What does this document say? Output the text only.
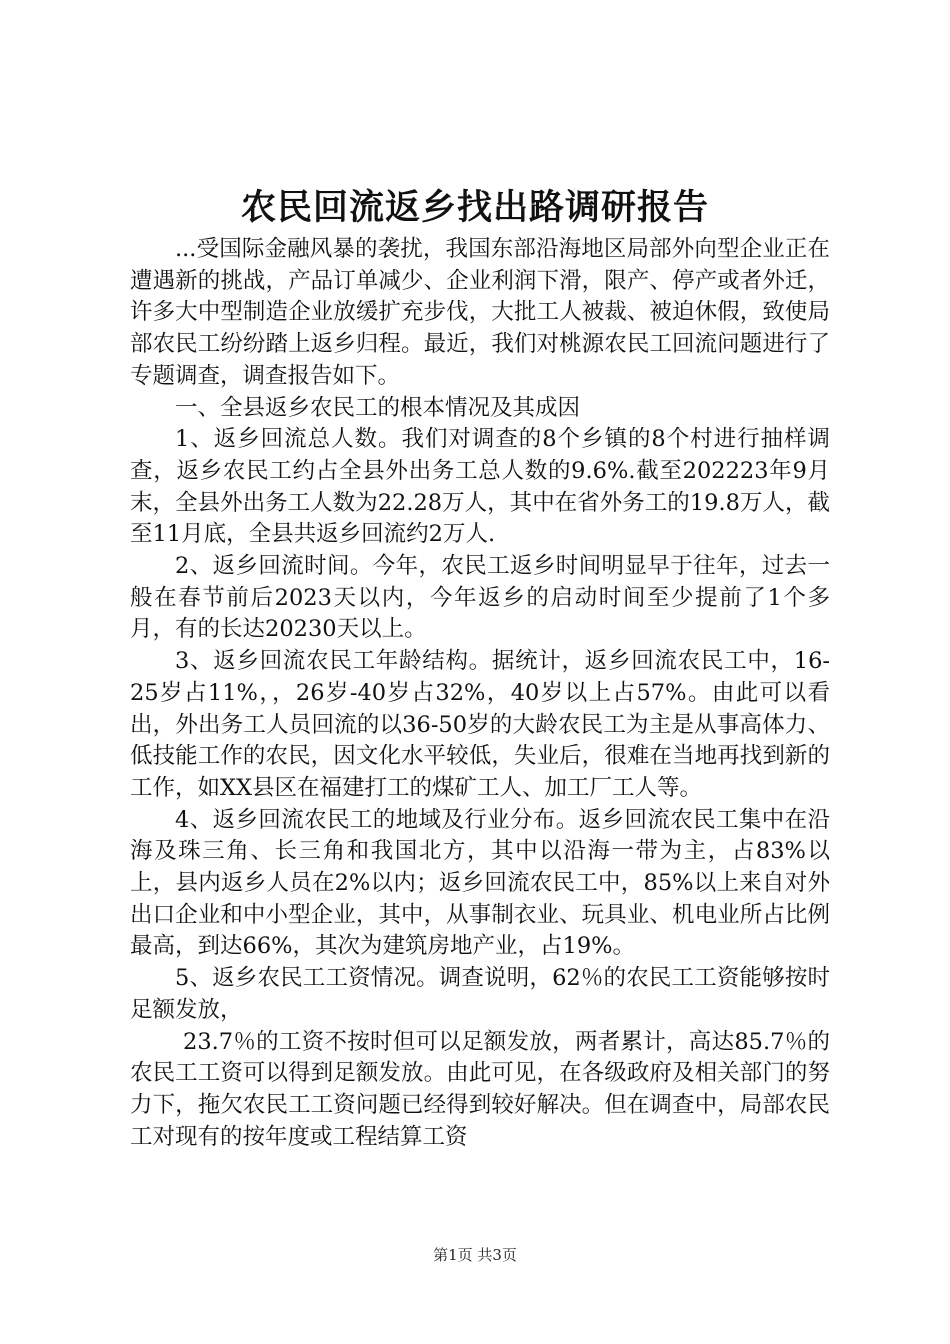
农民回流返乡找出路调研报告

...受国际金融风暴的袭扰，我国东部沿海地区局部外向型企业正在遭遇新的挑战，产品订单减少、企业利润下滑，限产、停产或者外迁，许多大中型制造企业放缓扩充步伐，大批工人被裁、被迫休假，致使局部农民工纷纷踏上返乡归程。最近，我们对桃源农民工回流问题进行了专题调查，调查报告如下。

一、全县返乡农民工的根本情况及其成因

1、返乡回流总人数。我们对调查的8个乡镇的8个村进行抽样调查，返乡农民工约占全县外出务工总人数的9.6%.截至202223年9月末，全县外出务工人数为22.28万人，其中在省外务工的19.8万人，截至11月底，全县共返乡回流约2万人.

2、返乡回流时间。今年，农民工返乡时间明显早于往年，过去一般在春节前后2023天以内，今年返乡的启动时间至少提前了1个多月，有的长达20230天以上。

3、返乡回流农民工年龄结构。据统计，返乡回流农民工中，16-25岁占11%，，26岁-40岁占32%，40岁以上占57%。由此可以看出，外出务工人员回流的以36-50岁的大龄农民工为主是从事高体力、低技能工作的农民，因文化水平较低，失业后，很难在当地再找到新的工作，如XX县区在福建打工的煤矿工人、加工厂工人等。

4、返乡回流农民工的地域及行业分布。返乡回流农民工集中在沿海及珠三角、长三角和我国北方，其中以沿海一带为主，占83%以上，县内返乡人员在2%以内；返乡回流农民工中，85%以上来自对外出口企业和中小型企业，其中，从事制衣业、玩具业、机电业所占比例最高，到达66%，其次为建筑房地产业，占19%。

5、返乡农民工工资情况。调查说明，62％的农民工工资能够按时足额发放，

23.7％的工资不按时但可以足额发放，两者累计，高达85.7％的农民工工资可以得到足额发放。由此可见，在各级政府及相关部门的努力下，拖欠农民工工资问题已经得到较好解决。但在调查中，局部农民工对现有的按年度或工程结算工资

第1页 共3页
